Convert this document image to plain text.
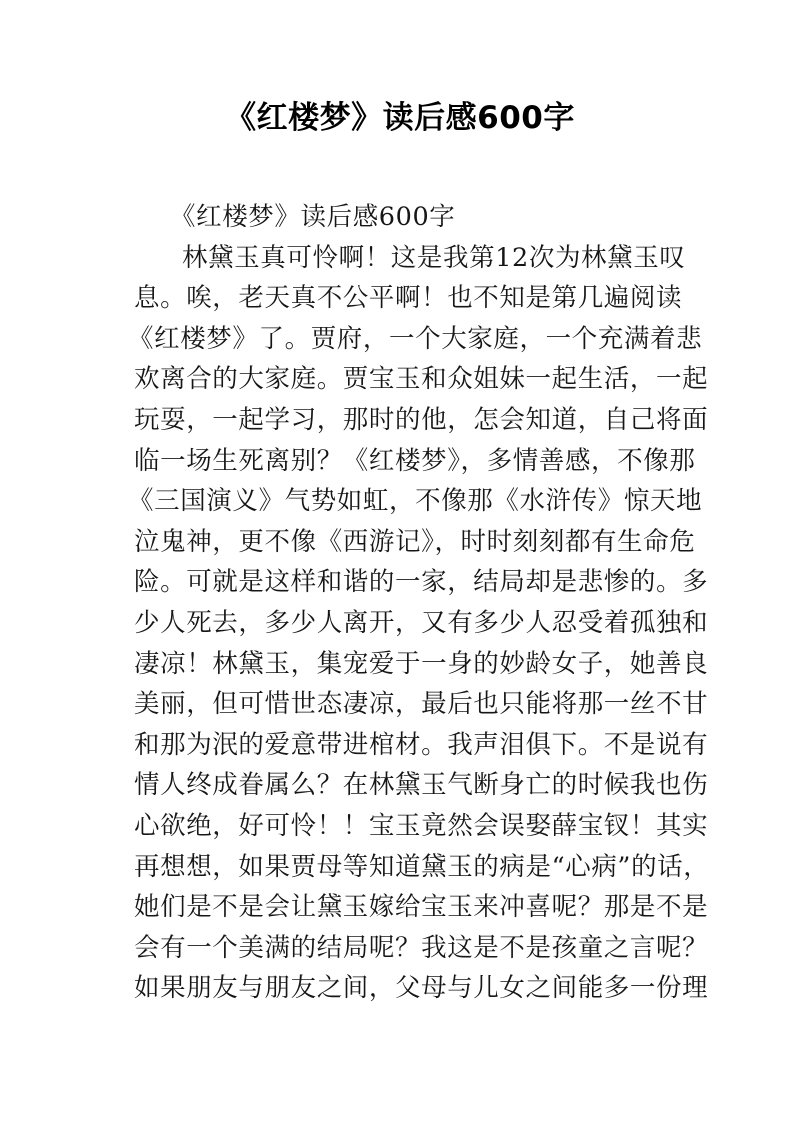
《红楼梦》读后感600字
《红楼梦》读后感600字
林黛玉真可怜啊！这是我第12次为林黛玉叹
息。唉，老天真不公平啊！也不知是第几遍阅读
《红楼梦》了。贾府，一个大家庭，一个充满着悲
欢离合的大家庭。贾宝玉和众姐妹一起生活，一起
玩耍，一起学习，那时的他，怎会知道，自己将面
临一场生死离别？《红楼梦》，多情善感，不像那
《三国演义》气势如虹，不像那《水浒传》惊天地
泣鬼神，更不像《西游记》，时时刻刻都有生命危
险。可就是这样和谐的一家，结局却是悲惨的。多
少人死去，多少人离开，又有多少人忍受着孤独和
凄凉！林黛玉，集宠爱于一身的妙龄女子，她善良
美丽，但可惜世态凄凉，最后也只能将那一丝不甘
和那为泯的爱意带进棺材。我声泪俱下。不是说有
情人终成眷属么？在林黛玉气断身亡的时候我也伤
心欲绝，好可怜！！宝玉竟然会误娶薛宝钗！其实
再想想，如果贾母等知道黛玉的病是“心病”的话，
她们是不是会让黛玉嫁给宝玉来冲喜呢？那是不是
会有一个美满的结局呢？我这是不是孩童之言呢？
如果朋友与朋友之间，父母与儿女之间能多一份理
